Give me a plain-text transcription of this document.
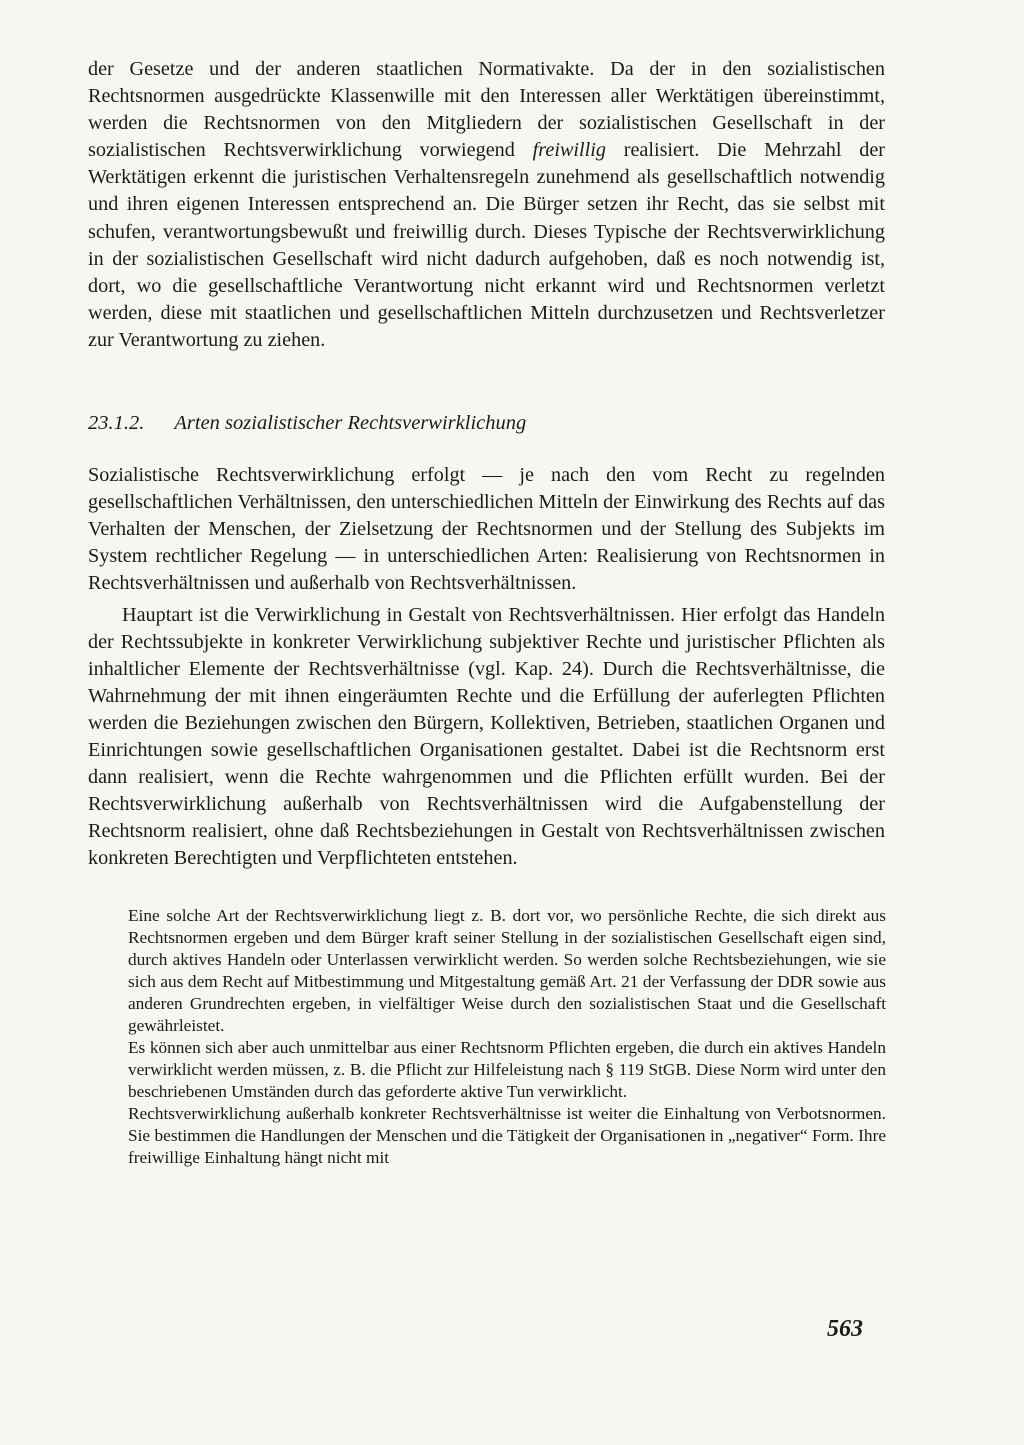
der Gesetze und der anderen staatlichen Normativakte. Da der in den sozialistischen Rechtsnormen ausgedrückte Klassenwille mit den Interessen aller Werktätigen übereinstimmt, werden die Rechtsnormen von den Mitgliedern der sozialistischen Gesellschaft in der sozialistischen Rechtsverwirklichung vorwiegend freiwillig realisiert. Die Mehrzahl der Werktätigen erkennt die juristischen Verhaltensregeln zunehmend als gesellschaftlich notwendig und ihren eigenen Interessen entsprechend an. Die Bürger setzen ihr Recht, das sie selbst mit schufen, verantwortungsbewußt und freiwillig durch. Dieses Typische der Rechtsverwirklichung in der sozialistischen Gesellschaft wird nicht dadurch aufgehoben, daß es noch notwendig ist, dort, wo die gesellschaftliche Verantwortung nicht erkannt wird und Rechtsnormen verletzt werden, diese mit staatlichen und gesellschaftlichen Mitteln durchzusetzen und Rechtsverletzer zur Verantwortung zu ziehen.

23.1.2. Arten sozialistischer Rechtsverwirklichung

Sozialistische Rechtsverwirklichung erfolgt — je nach den vom Recht zu regelnden gesellschaftlichen Verhältnissen, den unterschiedlichen Mitteln der Einwirkung des Rechts auf das Verhalten der Menschen, der Zielsetzung der Rechtsnormen und der Stellung des Subjekts im System rechtlicher Regelung — in unterschiedlichen Arten: Realisierung von Rechtsnormen in Rechtsverhältnissen und außerhalb von Rechtsverhältnissen.

Hauptart ist die Verwirklichung in Gestalt von Rechtsverhältnissen. Hier erfolgt das Handeln der Rechtssubjekte in konkreter Verwirklichung subjektiver Rechte und juristischer Pflichten als inhaltlicher Elemente der Rechtsverhältnisse (vgl. Kap. 24). Durch die Rechtsverhältnisse, die Wahrnehmung der mit ihnen eingeräumten Rechte und die Erfüllung der auferlegten Pflichten werden die Beziehungen zwischen den Bürgern, Kollektiven, Betrieben, staatlichen Organen und Einrichtungen sowie gesellschaftlichen Organisationen gestaltet. Dabei ist die Rechtsnorm erst dann realisiert, wenn die Rechte wahrgenommen und die Pflichten erfüllt wurden. Bei der Rechtsverwirklichung außerhalb von Rechtsverhältnissen wird die Aufgabenstellung der Rechtsnorm realisiert, ohne daß Rechtsbeziehungen in Gestalt von Rechtsverhältnissen zwischen konkreten Berechtigten und Verpflichteten entstehen.

Eine solche Art der Rechtsverwirklichung liegt z. B. dort vor, wo persönliche Rechte, die sich direkt aus Rechtsnormen ergeben und dem Bürger kraft seiner Stellung in der sozialistischen Gesellschaft eigen sind, durch aktives Handeln oder Unterlassen verwirklicht werden. So werden solche Rechtsbeziehungen, wie sie sich aus dem Recht auf Mitbestimmung und Mitgestaltung gemäß Art. 21 der Verfassung der DDR sowie aus anderen Grundrechten ergeben, in vielfältiger Weise durch den sozialistischen Staat und die Gesellschaft gewährleistet.

Es können sich aber auch unmittelbar aus einer Rechtsnorm Pflichten ergeben, die durch ein aktives Handeln verwirklicht werden müssen, z. B. die Pflicht zur Hilfeleistung nach § 119 StGB. Diese Norm wird unter den beschriebenen Umständen durch das geforderte aktive Tun verwirklicht.

Rechtsverwirklichung außerhalb konkreter Rechtsverhältnisse ist weiter die Einhaltung von Verbotsnormen. Sie bestimmen die Handlungen der Menschen und die Tätigkeit der Organisationen in „negativer“ Form. Ihre freiwillige Einhaltung hängt nicht mit

563
